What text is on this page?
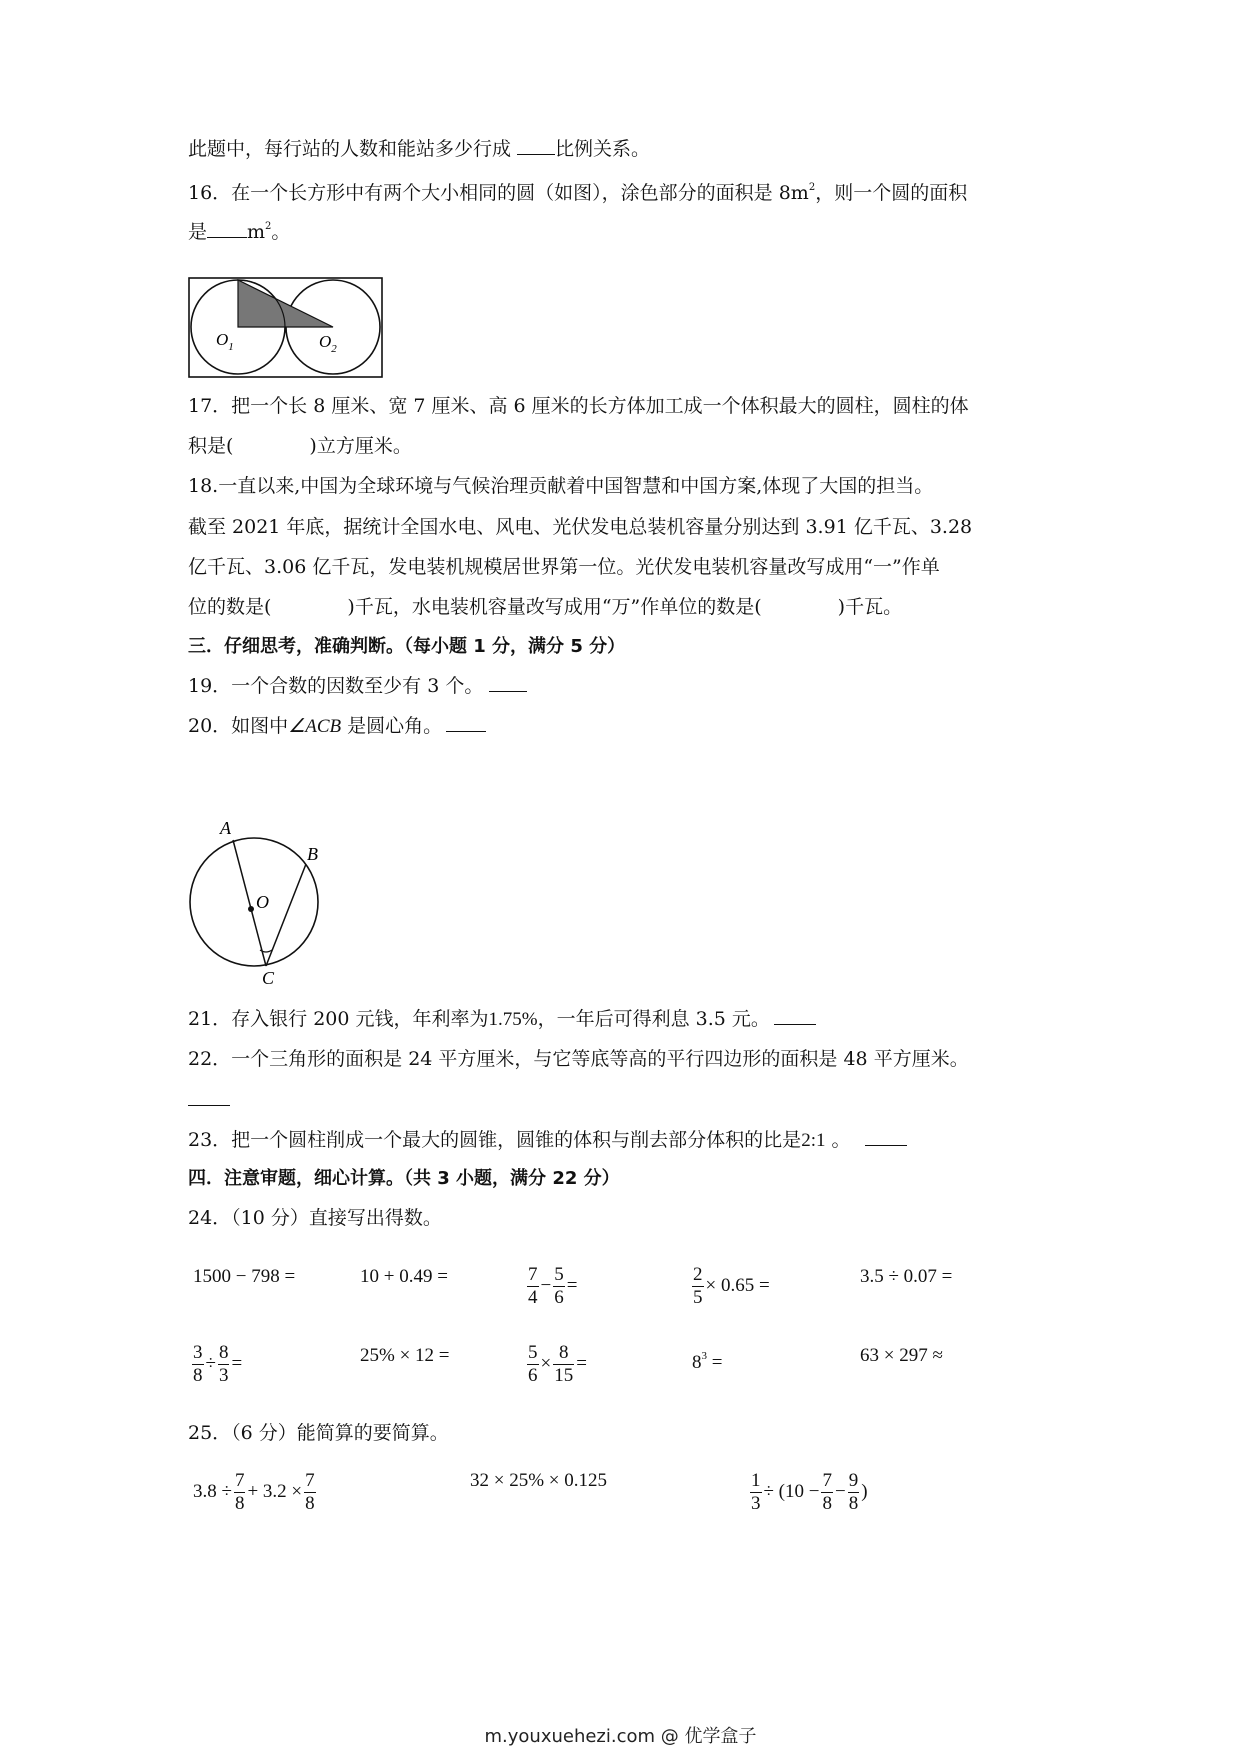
此题中，每行站的人数和能站多少行成 比例关系。
16．在一个长方形中有两个大小相同的圆（如图），涂色部分的面积是 $8m^2$，则一个圆的面积
是 $m^2$。
$O_1$	$O_2$
17．把一个长 8 厘米、宽 7 厘米、高 6 厘米的长方体加工成一个体积最大的圆柱，圆柱的体
积是(　　　　)立方厘米。
18.一直以来,中国为全球环境与气候治理贡献着中国智慧和中国方案,体现了大国的担当。
截至 2021 年底，据统计全国水电、风电、光伏发电总装机容量分别达到 3.91 亿千瓦、3.28
亿千瓦、3.06 亿千瓦，发电装机规模居世界第一位。光伏发电装机容量改写成用“一”作单
位的数是(　　　　)千瓦，水电装机容量改写成用“万”作单位的数是(　　　　)千瓦。
三．仔细思考，准确判断。（每小题 1 分，满分 5 分）
19．一个合数的因数至少有 3 个。
20．如图中∠ACB 是圆心角。
A
B
O
C
21．存入银行 200 元钱，年利率为1.75%，一年后可得利息 3.5 元。
22．一个三角形的面积是 24 平方厘米，与它等底等高的平行四边形的面积是 48 平方厘米。
23．把一个圆柱削成一个最大的圆锥，圆锥的体积与削去部分体积的比是2:1 。
四．注意审题，细心计算。（共 3 小题，满分 22 分）
24．（10 分）直接写出得数。
1500 − 798 =	10 + 0.49 =	$\frac{7}{4} - \frac{5}{6}$ =	$\frac{2}{5} \times 0.65$ =	3.5 ÷ 0.07 =
$\frac{3}{8} \div \frac{8}{3}$ =	25% × 12 =	$\frac{5}{6} \times \frac{8}{15}$ =	$8^3$ =	63 × 297 ≈
25．（6 分）能简算的要简算。
$3.8 \div \frac{7}{8} + 3.2 \times \frac{7}{8}$	32 × 25% × 0.125	$\frac{1}{3} \div (10 - \frac{7}{8} - \frac{9}{8}$ )
m.youxuehezi.com @ 优学盒子
